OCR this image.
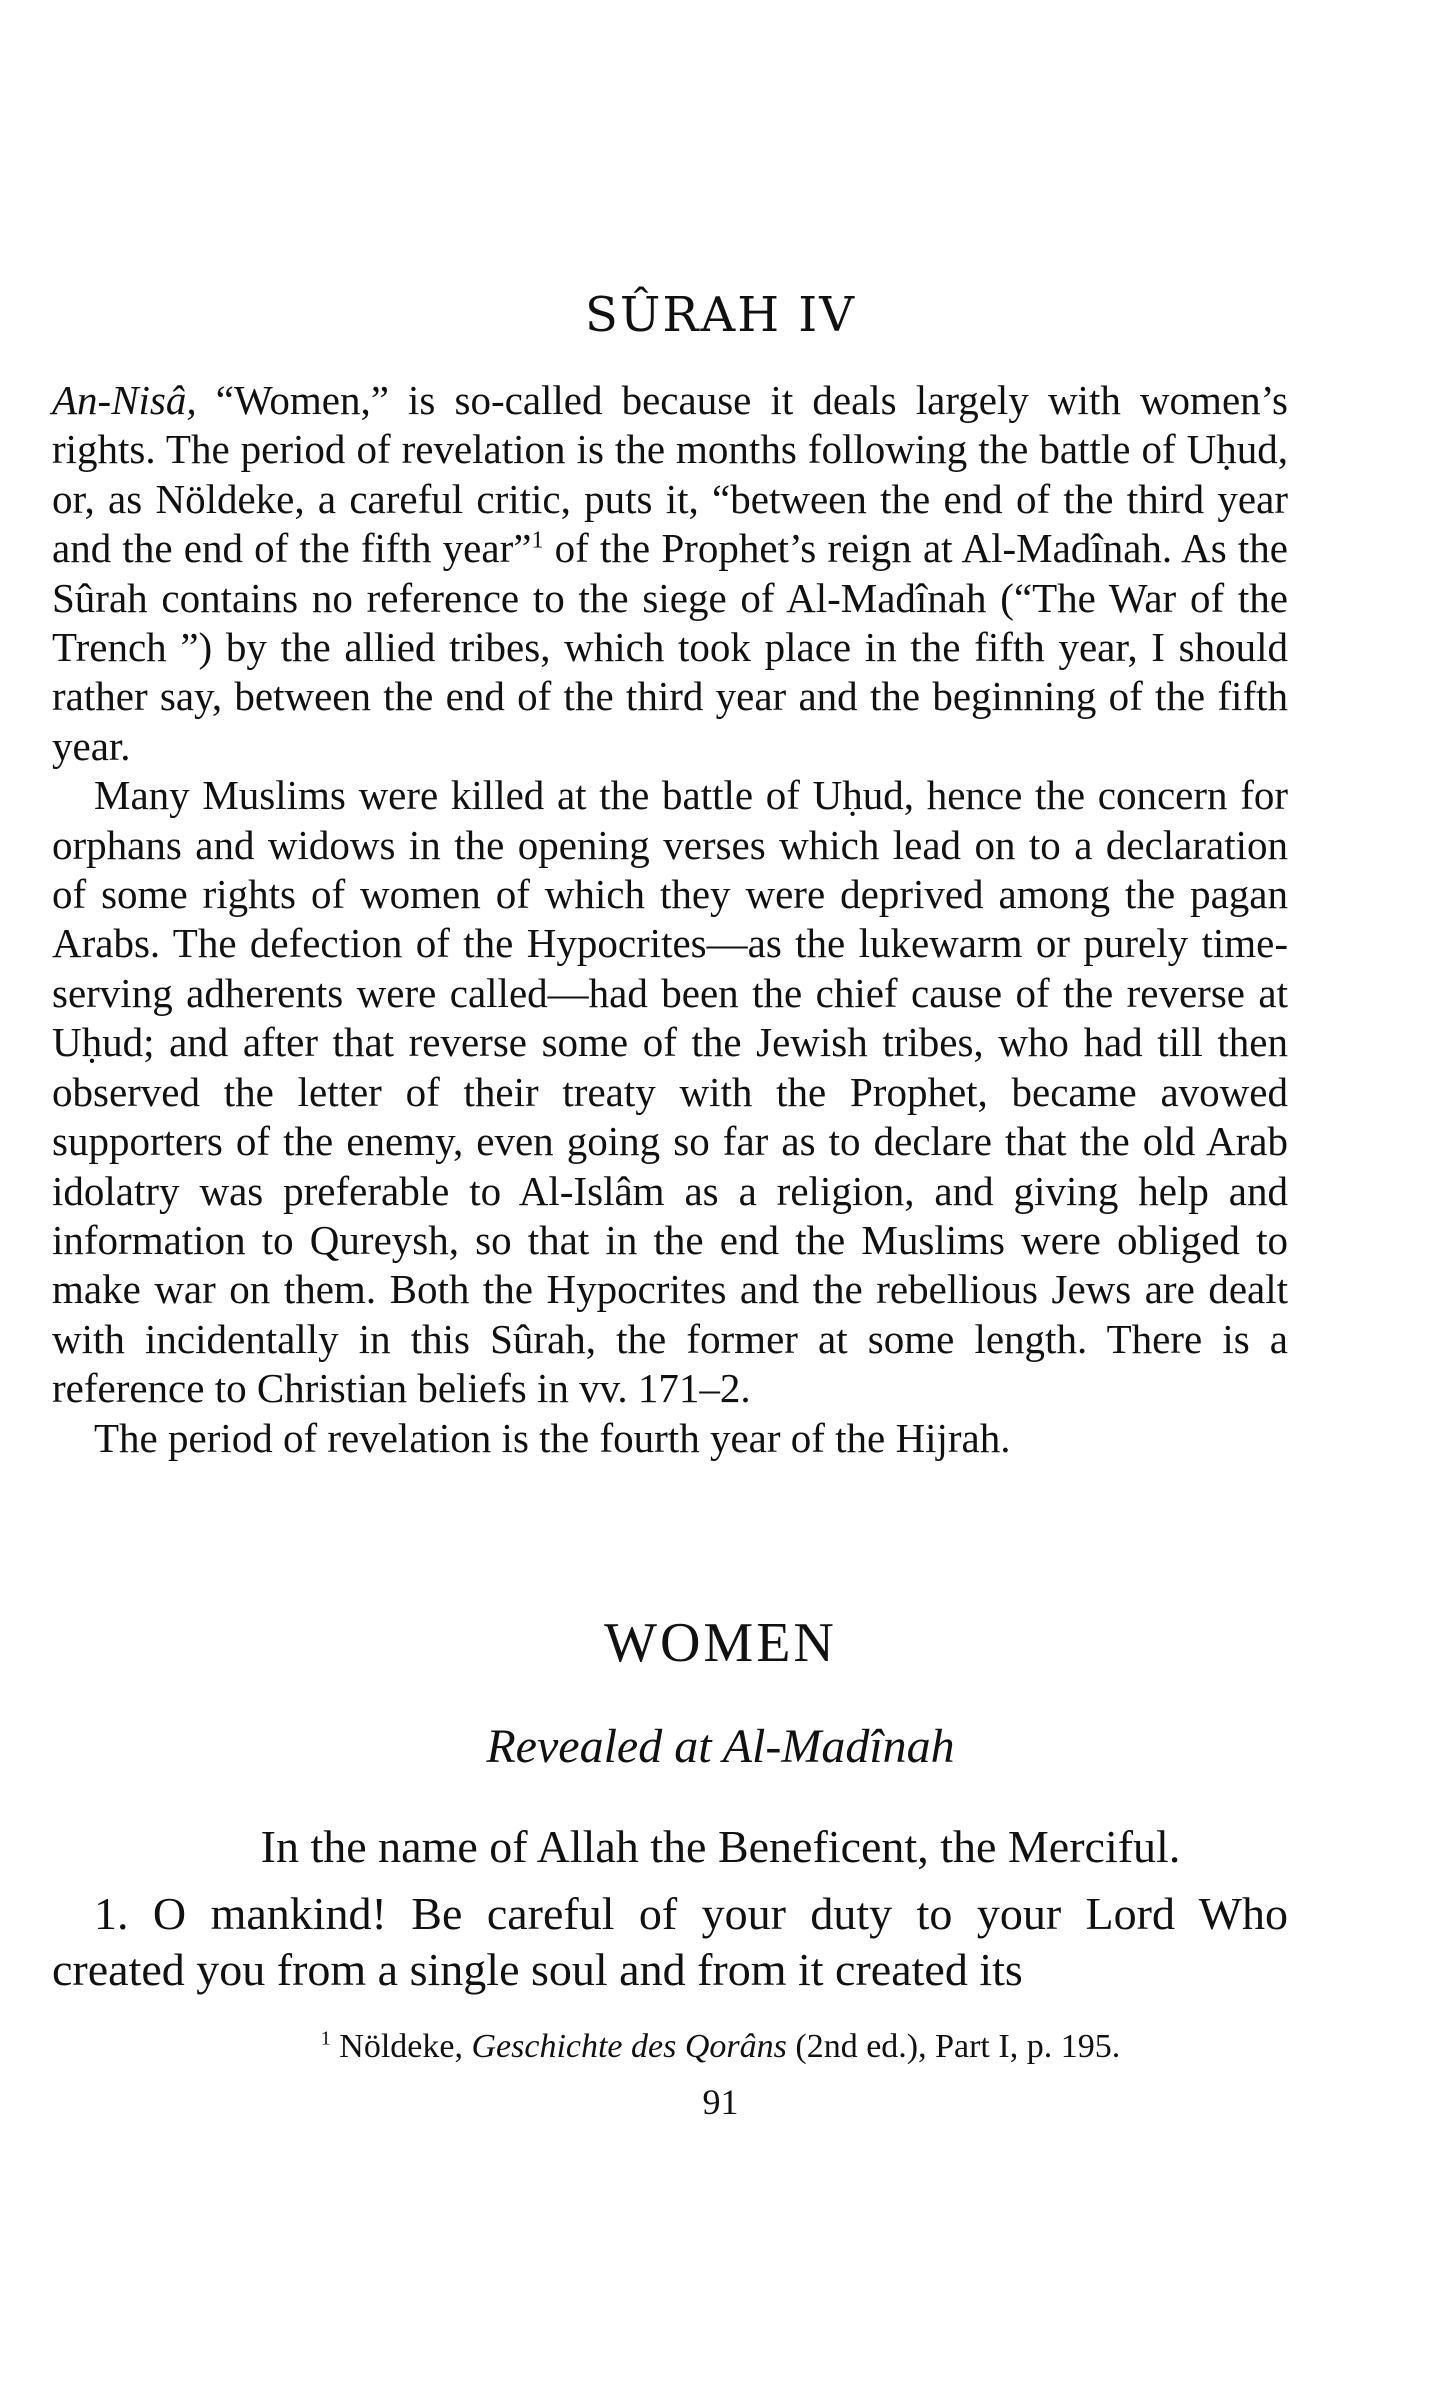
SÛRAH IV

An-Nisâ, “Women,” is so-called because it deals largely with women’s rights. The period of revelation is the months following the battle of Uḥud, or, as Nöldeke, a careful critic, puts it, “between the end of the third year and the end of the fifth year”$^1$ of the Prophet’s reign at Al-Madînah. As the Sûrah contains no reference to the siege of Al-Madînah (“The War of the Trench ”) by the allied tribes, which took place in the fifth year, I should rather say, between the end of the third year and the beginning of the fifth year.

Many Muslims were killed at the battle of Uḥud, hence the concern for orphans and widows in the opening verses which lead on to a declaration of some rights of women of which they were deprived among the pagan Arabs. The defection of the Hypocrites—as the lukewarm or purely time-serving adherents were called—had been the chief cause of the reverse at Uḥud; and after that reverse some of the Jewish tribes, who had till then observed the letter of their treaty with the Prophet, became avowed supporters of the enemy, even going so far as to declare that the old Arab idolatry was preferable to Al-Islâm as a religion, and giving help and information to Qureysh, so that in the end the Muslims were obliged to make war on them. Both the Hypocrites and the rebellious Jews are dealt with incidentally in this Sûrah, the former at some length. There is a reference to Christian beliefs in vv. 171–2.

The period of revelation is the fourth year of the Hijrah.

WOMEN
Revealed at Al-Madînah
In the name of Allah the Beneficent, the Merciful.

1. O mankind! Be careful of your duty to your Lord Who created you from a single soul and from it created its

$^1$ Nöldeke, Geschichte des Qorâns (2nd ed.), Part I, p. 195.
91
